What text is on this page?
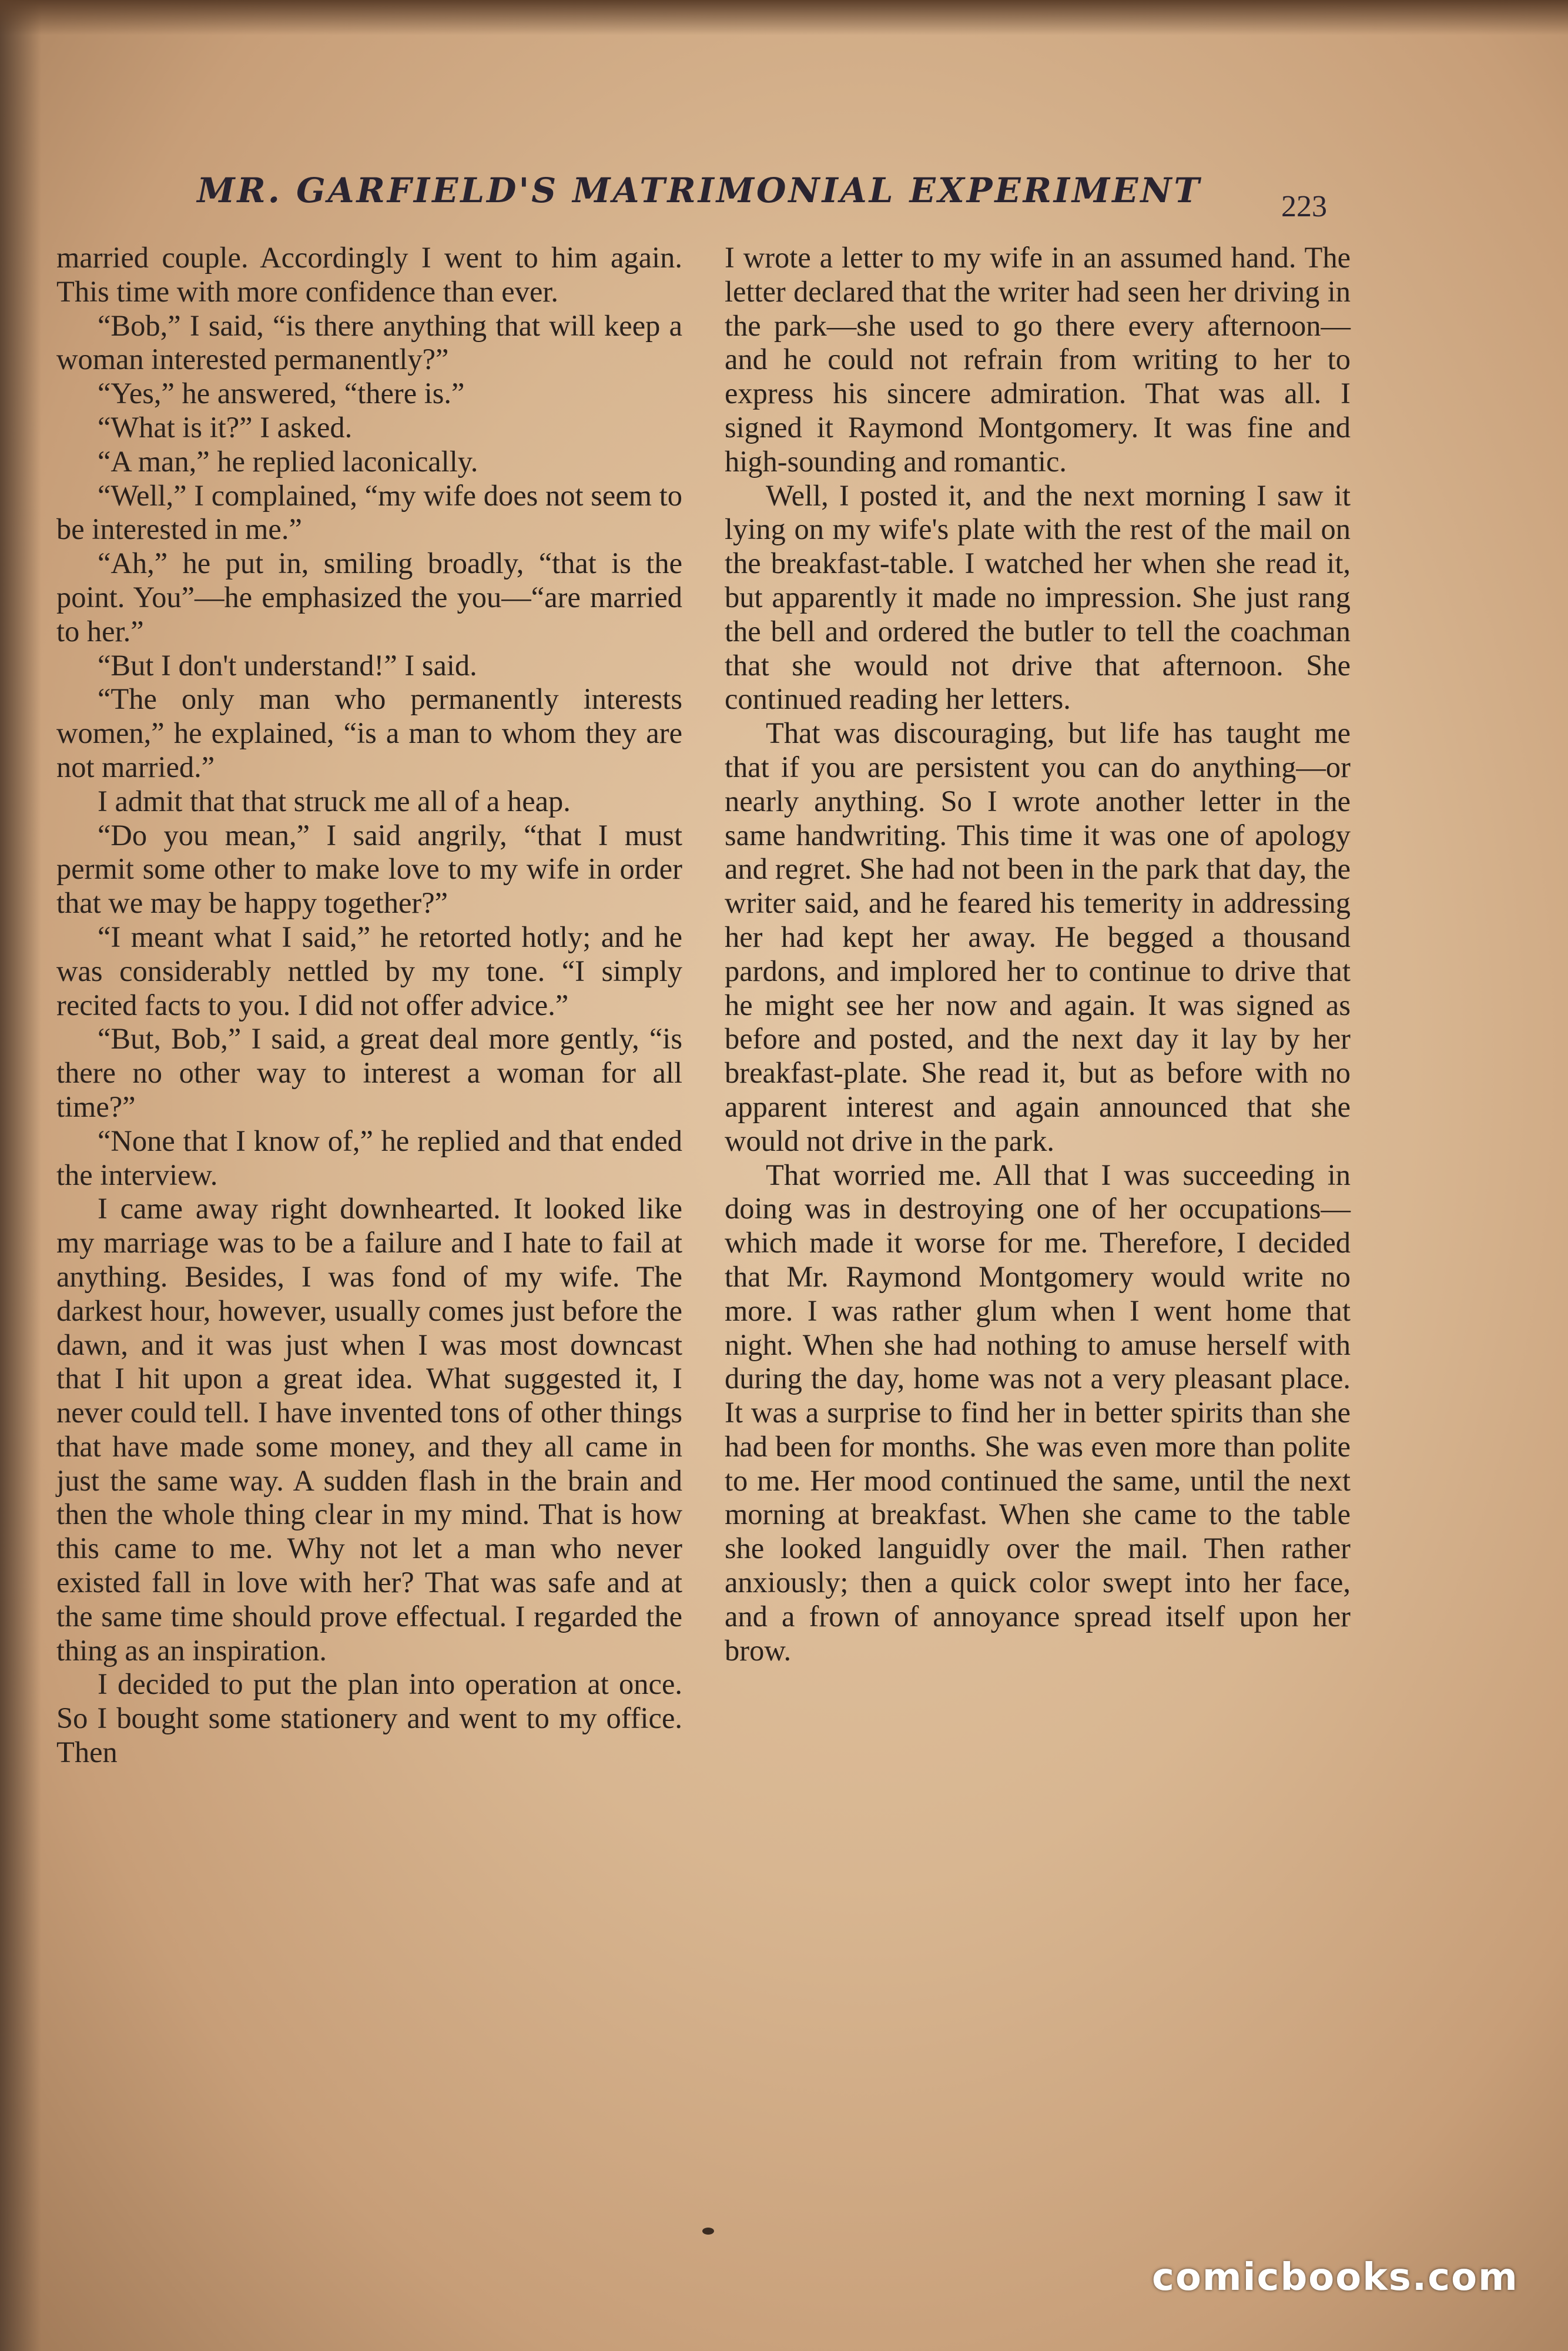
MR. GARFIELD'S MATRIMONIAL EXPERIMENT	223

married couple. Accordingly I went to him again. This time with more confidence than ever.

“Bob,” I said, “is there anything that will keep a woman interested permanently?”

“Yes,” he answered, “there is.”

“What is it?” I asked.

“A man,” he replied laconically.

“Well,” I complained, “my wife does not seem to be interested in me.”

“Ah,” he put in, smiling broadly, “that is the point. You”—he emphasized the you—“are married to her.”

“But I don't understand!” I said.

“The only man who permanently interests women,” he explained, “is a man to whom they are not married.”

I admit that that struck me all of a heap.

“Do you mean,” I said angrily, “that I must permit some other to make love to my wife in order that we may be happy together?”

“I meant what I said,” he retorted hotly; and he was considerably nettled by my tone. “I simply recited facts to you. I did not offer advice.”

“But, Bob,” I said, a great deal more gently, “is there no other way to interest a woman for all time?”

“None that I know of,” he replied and that ended the interview.

I came away right downhearted. It looked like my marriage was to be a failure and I hate to fail at anything. Besides, I was fond of my wife. The darkest hour, however, usually comes just before the dawn, and it was just when I was most downcast that I hit upon a great idea. What suggested it, I never could tell. I have invented tons of other things that have made some money, and they all came in just the same way. A sudden flash in the brain and then the whole thing clear in my mind. That is how this came to me. Why not let a man who never existed fall in love with her? That was safe and at the same time should prove effectual. I regarded the thing as an inspiration.

I decided to put the plan into operation at once. So I bought some stationery and went to my office. Then

I wrote a letter to my wife in an assumed hand. The letter declared that the writer had seen her driving in the park—she used to go there every afternoon—and he could not refrain from writing to her to express his sincere admiration. That was all. I signed it Raymond Montgomery. It was fine and high-sounding and romantic.

Well, I posted it, and the next morning I saw it lying on my wife's plate with the rest of the mail on the breakfast-table. I watched her when she read it, but apparently it made no impression. She just rang the bell and ordered the butler to tell the coachman that she would not drive that afternoon. She continued reading her letters.

That was discouraging, but life has taught me that if you are persistent you can do anything—or nearly anything. So I wrote another letter in the same handwriting. This time it was one of apology and regret. She had not been in the park that day, the writer said, and he feared his temerity in addressing her had kept her away. He begged a thousand pardons, and implored her to continue to drive that he might see her now and again. It was signed as before and posted, and the next day it lay by her breakfast-plate. She read it, but as before with no apparent interest and again announced that she would not drive in the park.

That worried me. All that I was succeeding in doing was in destroying one of her occupations—which made it worse for me. Therefore, I decided that Mr. Raymond Montgomery would write no more. I was rather glum when I went home that night. When she had nothing to amuse herself with during the day, home was not a very pleasant place. It was a surprise to find her in better spirits than she had been for months. She was even more than polite to me. Her mood continued the same, until the next morning at breakfast. When she came to the table she looked languidly over the mail. Then rather anxiously; then a quick color swept into her face, and a frown of annoyance spread itself upon her brow.

comicbooks.com
